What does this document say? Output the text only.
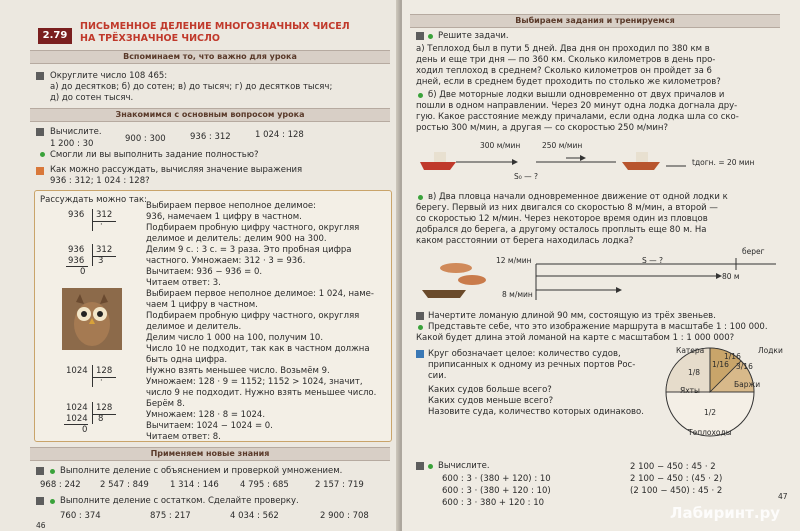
2.79
ПИСЬМЕННОЕ ДЕЛЕНИЕ МНОГОЗНАЧНЫХ ЧИСЕЛ
НА ТРЁХЗНАЧНОЕ ЧИСЛО
Вспоминаем то, что важно для урока
Округлите число 108 465:
а) до десятков; б) до сотен; в) до тысяч; г) до десятков тысяч;
д) до сотен тысяч.
Знакомимся с основным вопросом урока
Вычислите.
1 200 : 30	900 : 300	936 : 312	1 024 : 128
Смогли ли вы выполнить задание полностью?
Как можно рассуждать, вычисляя значение выражения
936 : 312; 1 024 : 128?
Рассуждать можно так:
936 312
·
936
936
0
312
3
1024 128
·
1024
1024
0
128
8
Выбираем первое неполное делимое:
936, намечаем 1 цифру в частном.
Подбираем пробную цифру частного, округляя
делимое и делитель: делим 900 на 300.
Делим 9 с. : 3 с. = 3 раза. Это пробная цифра
частного. Умножаем: 312 · 3 = 936.
Вычитаем: 936 − 936 = 0.
Читаем ответ: 3.
Выбираем первое неполное делимое: 1 024, наме-
чаем 1 цифру в частном.
Подбираем пробную цифру частного, округляя
делимое и делитель.
Делим число 1 000 на 100, получим 10.
Число 10 не подходит, так как в частном должна
быть одна цифра.
Нужно взять меньшее число. Возьмём 9.
Умножаем: 128 · 9 = 1152; 1152 > 1024, значит,
число 9 не подходит. Нужно взять меньшее число.
Берём 8.
Умножаем: 128 · 8 = 1024.
Вычитаем: 1024 − 1024 = 0.
Читаем ответ: 8.
Применяем новые знания
Выполните деление с объяснением и проверкой умножением.
968 : 242 2 547 : 849 1 314 : 146 4 795 : 685	2 157 : 719
Выполните деление с остатком. Сделайте проверку.
760 : 374	875 : 217	4 034 : 562	2 900 : 708
46
Выбираем задания и тренируемся
Решите задачи.
а) Теплоход был в пути 5 дней. Два дня он проходил по 380 км в
день и еще три дня — по 360 км. Сколько километров в день про-
ходил теплоход в среднем? Сколько километров он пройдет за 6
дней, если в среднем будет проходить по столько же километров?
б) Две моторные лодки вышли одновременно от двух причалов и
пошли в одном направлении. Через 20 минут одна лодка догнала дру-
гую. Какое расстояние между причалами, если одна лодка шла со ско-
ростью 300 м/мин, а другая — со скоростью 250 м/мин?
300 м/мин	250 м/мин
S₀ — ?
tдогн. = 20 мин
в) Два пловца начали одновременное движение от одной лодки к
берегу. Первый из них двигался со скоростью 8 м/мин, а второй —
со скоростью 12 м/мин. Через некоторое время один из пловцов
добрался до берега, а другому осталось проплыть еще 80 м. На
каком расстоянии от берега находилась лодка?
12 м/мин
8 м/мин
S — ?
берег
80 м
Начертите ломаную длиной 90 мм, состоящую из трёх звеньев.
Представьте себе, что это изображение маршрута в масштабе 1 : 100 000.
Какой будет длина этой ломаной на карте с масштабом 1 : 1 000 000?
Круг обозначает целое: количество судов,
приписанных к одному из речных портов Рос-
сии.
Каких судов больше всего?
Каких судов меньше всего?
Назовите суда, количество которых одинаково.
Катера	Лодки
Баржи
Яхты
Теплоходы
1/8
3/16
1/16
1/16
1/2
Вычислите.
600 : 3 · (380 + 120) : 10
600 : 3 · (380 + 120 : 10)
600 : 3 · 380 + 120 : 10
2 100 − 450 : 45 · 2
2 100 − 450 : (45 · 2)
(2 100 − 450) : 45 · 2
47
Лабиринт.ру
